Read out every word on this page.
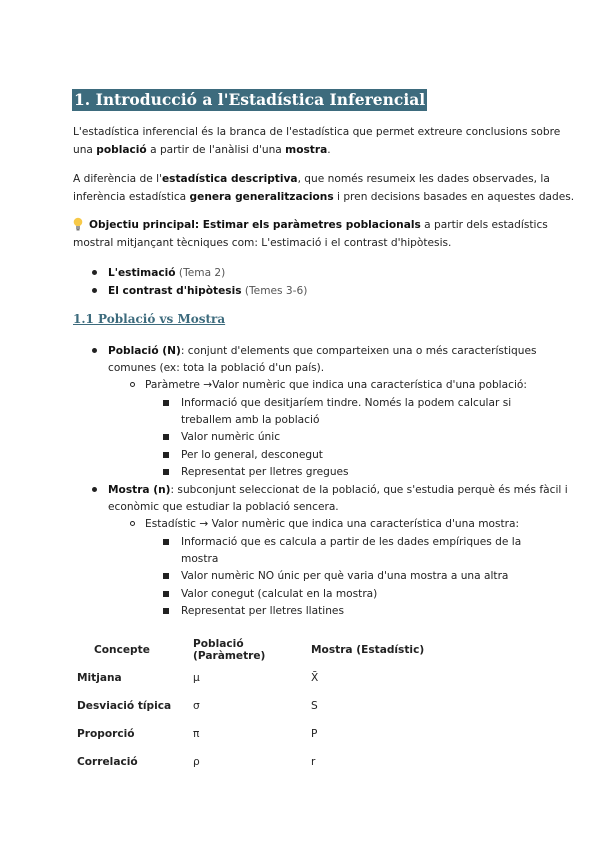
1. Introducció a l'Estadística Inferencial
L'estadística inferencial és la branca de l'estadística que permet extreure conclusions sobre
una població a partir de l'anàlisi d'una mostra.
A diferència de l'estadística descriptiva, que només resumeix les dades observades, la
inferència estadística genera generalitzacions i pren decisions basades en aquestes dades.
Objectiu principal: Estimar els paràmetres poblacionals a partir dels estadístics
mostral mitjançant tècniques com: L'estimació i el contrast d'hipòtesis.
L'estimació (Tema 2)
El contrast d'hipòtesis (Temes 3-6)
1.1 Població vs Mostra
Població (N): conjunt d'elements que comparteixen una o més característiques
comunes (ex: tota la població d'un país).
Paràmetre →Valor numèric que indica una característica d'una població:
Informació que desitjaríem tindre. Només la podem calcular si
treballem amb la població
Valor numèric únic
Per lo general, desconegut
Representat per lletres gregues
Mostra (n): subconjunt seleccionat de la població, que s'estudia perquè és més fàcil i
econòmic que estudiar la població sencera.
Estadístic → Valor numèric que indica una característica d'una mostra:
Informació que es calcula a partir de les dades empíriques de la
mostra
Valor numèric NO únic per què varia d'una mostra a una altra
Valor conegut (calculat en la mostra)
Representat per lletres llatines
Concepte	Població (Paràmetre)	Mostra (Estadístic)
Mitjana	μ	X̄
Desviació típica	σ	S
Proporció	π	P
Correlació	ρ	r
